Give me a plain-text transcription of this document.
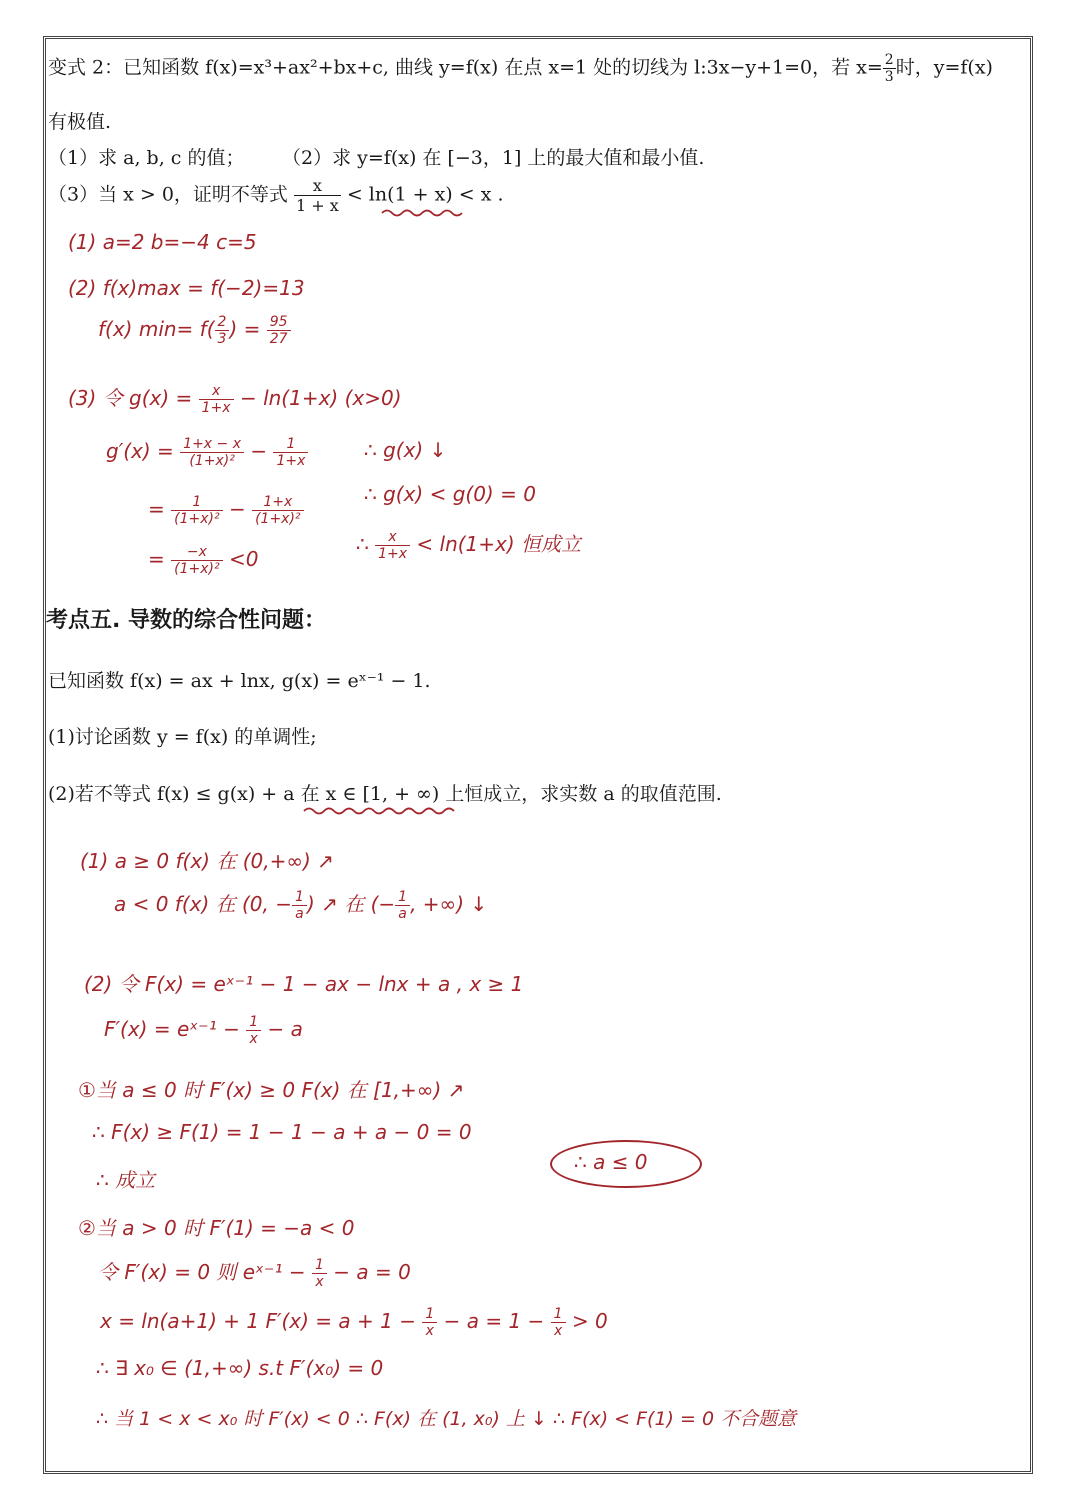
变式 2：已知函数 f(x)=x³+ax²+bx+c, 曲线 y=f(x) 在点 x=1 处的切线为 l:3x−y+1=0，若 $x= \frac{2}{3}$ 时，y=f(x)
有极值.
（1）求 a, b, c 的值； （2）求 y=f(x) 在 [−3，1] 上的最大值和最小值.
（3）当 x > 0，证明不等式 $\frac{x}{1 + x} < \ln(1 + x) < x$ .
(1) a=2 b=−4 c=5
(2) f(x)max = f(−2)=13
f(x) $\min= f( \frac{2}{3}$ ) = $\frac{95}{27}$
(3) 令 $g(x) = \frac{x}{1+x} - \ln(1+x)$ (x>0)
$g'(x) = \frac{1+x - x}{\text{(1+x)²}} - \frac{1}{1+x}$
= $\frac{1}{\text{(1+x)²}} - \frac{1+x}{\text{(1+x)²}}$
= $\frac{-x}{\text{(1+x)²}} <0$
∴ g(x) ↓
∴ g(x) < g(0) = 0
∴ $\frac{x}{1+x} < \ln(1+x)$ 恒成立
考点五. 导数的综合性问题：
已知函数 f(x) = ax + lnx, g(x) = eˣ⁻¹ − 1.
(1)讨论函数 y = f(x) 的单调性;
(2)若不等式 f(x) ≤ g(x) + a 在 x ∈ [1, + ∞) 上恒成立，求实数 a 的取值范围.
(1) a ≥ 0 f(x) 在 (0,+∞) ↗
a < 0 f(x) 在 (0, − $\frac{1}{a}$ ) ↗ 在 (− $\frac{1}{a}$ , +∞) ↓
(2) 令 F(x) = eˣ⁻¹ − 1 − ax − lnx + a , x ≥ 1
F′(x) = eˣ⁻¹ − $\frac{1}{x} - a$
①当 a ≤ 0 时 F′(x) ≥ 0 F(x) 在 [1,+∞) ↗
∴ F(x) ≥ F(1) = 1 − 1 − a + a − 0 = 0
∴ 成立
∴ a ≤ 0
②当 a > 0 时 F′(1) = −a < 0
令 F′(x) = 0 则 eˣ⁻¹ − $\frac{1}{x} - a = 0$
x = ln(a+1) + 1 $F'(x) = a + 1 - \frac{1}{x} - a = 1 - \frac{1}{x} > 0$
∴ ∃ x₀ ∈ (1,+∞) s.t F′(x₀) = 0
∴ 当 1 < x < x₀ 时 F′(x) < 0 ∴ F(x) 在 (1, x₀) 上 ↓ ∴ F(x) < F(1) = 0 不合题意
